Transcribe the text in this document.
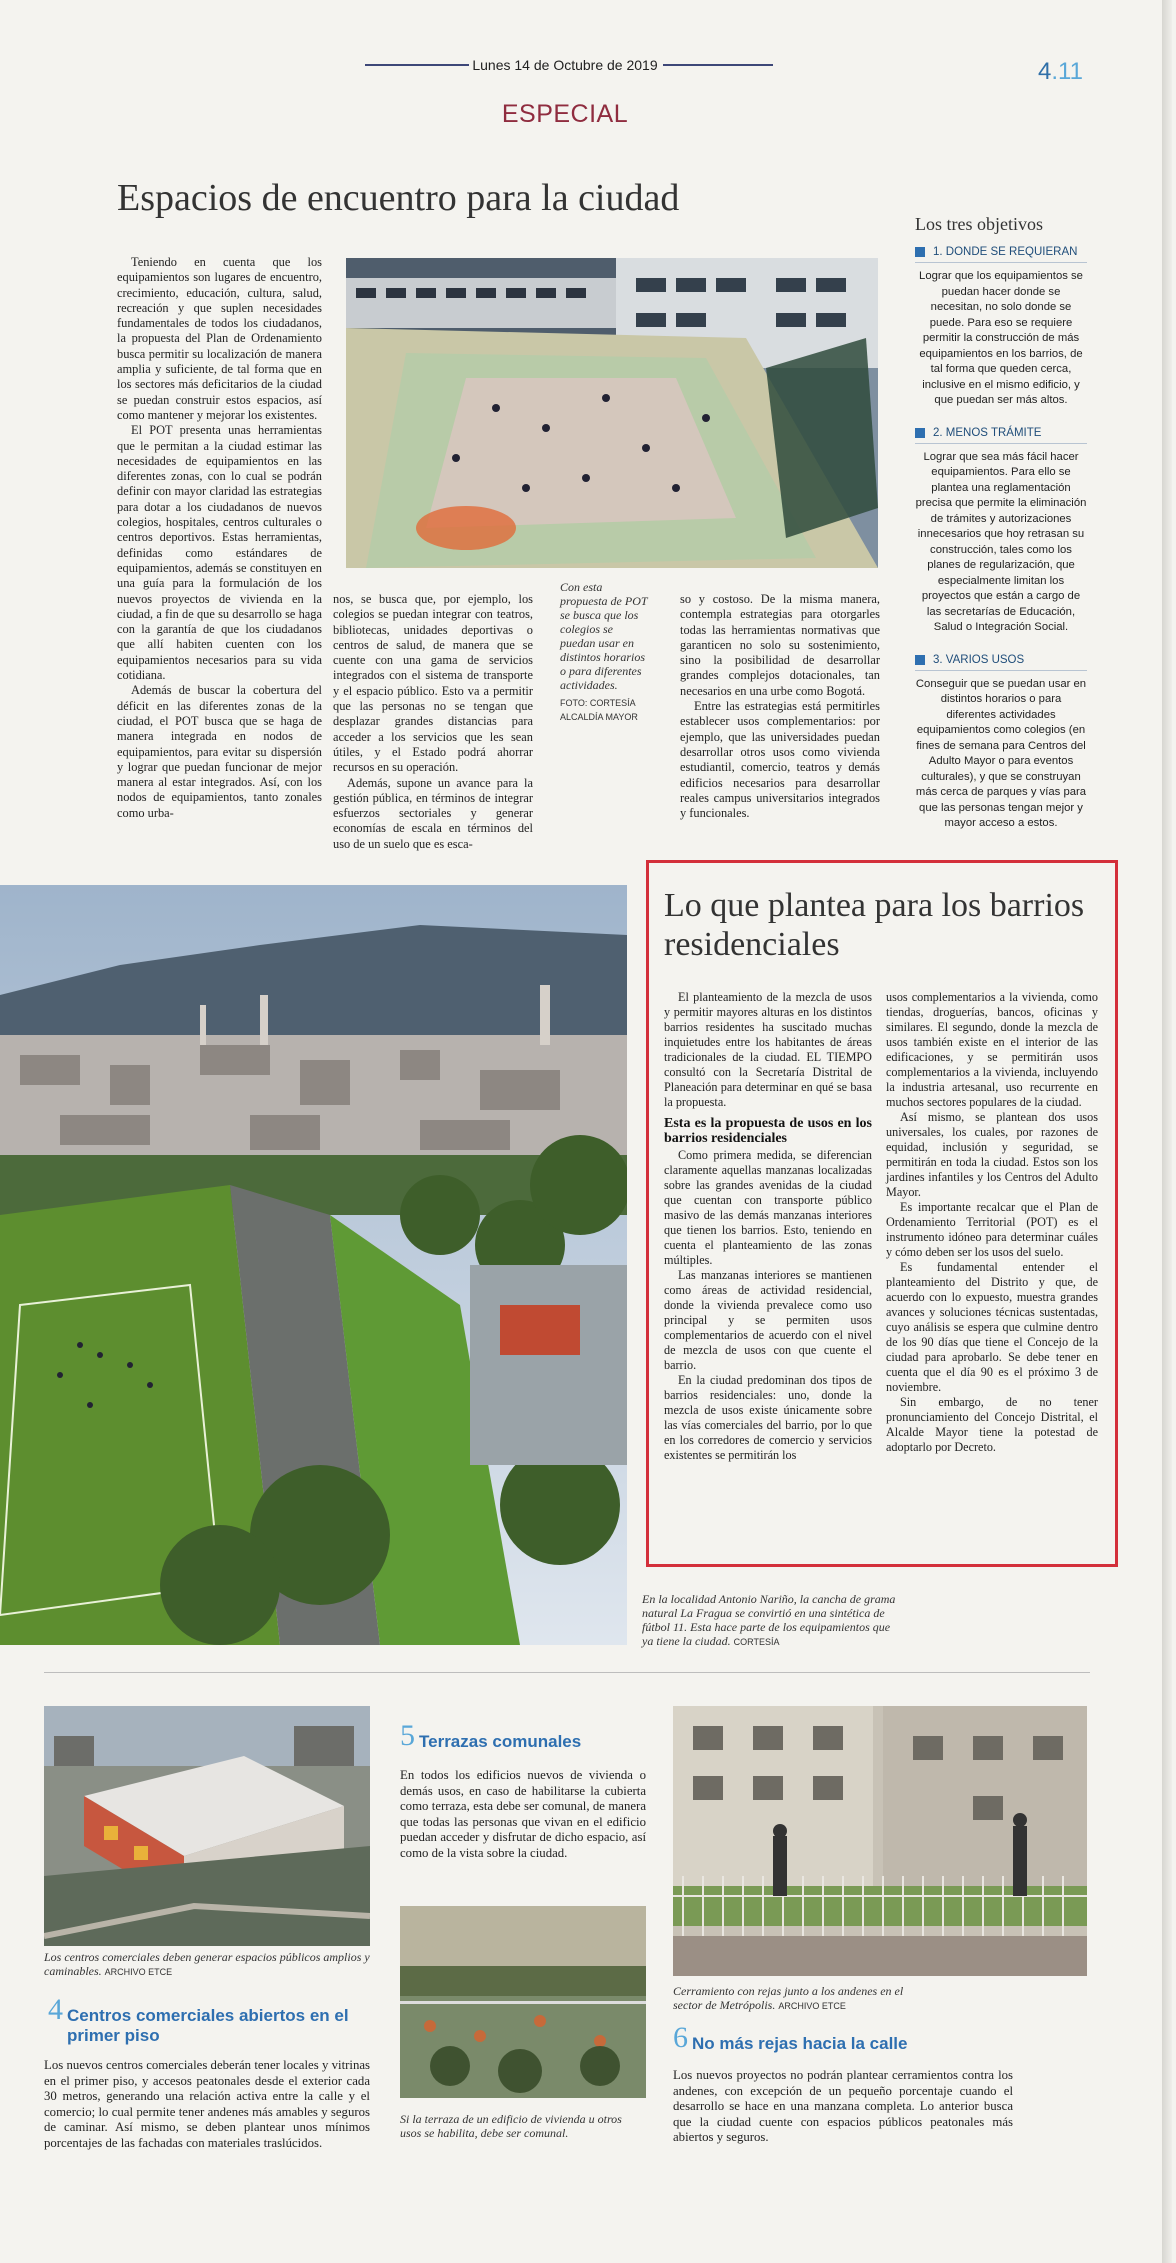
Lunes 14 de Octubre de 2019	4.11
ESPECIAL
Espacios de encuentro para la ciudad

Teniendo en cuenta que los equipamientos son lugares de encuentro, crecimiento, educación, cultura, salud, recreación y que suplen necesidades fundamentales de todos los ciudadanos, la propuesta del Plan de Ordenamiento busca permitir su localización de manera amplia y suficiente, de tal forma que en los sectores más deficitarios de la ciudad se puedan construir estos espacios, así como mantener y mejorar los existentes.

El POT presenta unas herramientas que le permitan a la ciudad estimar las necesidades de equipamientos en las diferentes zonas, con lo cual se podrán definir con mayor claridad las estrategias para dotar a los ciudadanos de nuevos colegios, hospitales, centros culturales o centros deportivos. Estas herramientas, definidas como estándares de equipamientos, además se constituyen en una guía para la formulación de los nuevos proyectos de vivienda en la ciudad, a fin de que su desarrollo se haga con la garantía de que los ciudadanos que allí habiten cuenten con los equipamientos necesarios para su vida cotidiana.

Además de buscar la cobertura del déficit en las diferentes zonas de la ciudad, el POT busca que se haga de manera integrada en nodos de equipamientos, para evitar su dispersión y lograr que puedan funcionar de mejor manera al estar integrados. Así, con los nodos de equipamientos, tanto zonales como urba-

nos, se busca que, por ejemplo, los colegios se puedan integrar con teatros, bibliotecas, unidades deportivas o centros de salud, de manera que se cuente con una gama de servicios integrados con el sistema de transporte y el espacio público. Esto va a permitir que las personas no se tengan que desplazar grandes distancias para acceder a los servicios que les sean útiles, y el Estado podrá ahorrar recursos en su operación.

Además, supone un avance para la gestión pública, en términos de integrar esfuerzos sectoriales y generar economías de escala en términos del uso de un suelo que es esca-

Con esta propuesta de POT se busca que los colegios se puedan usar en distintos horarios o para diferentes actividades.
FOTO: CORTESÍA ALCALDÍA MAYOR

so y costoso. De la misma manera, contempla estrategias para otorgarles todas las herramientas normativas que garanticen no solo su sostenimiento, sino la posibilidad de desarrollar grandes complejos dotacionales, tan necesarios en una urbe como Bogotá.

Entre las estrategias está permitirles establecer usos complementarios: por ejemplo, que las universidades puedan desarrollar otros usos como vivienda estudiantil, comercio, teatros y demás edificios necesarios para desarrollar reales campus universitarios integrados y funcionales.

Los tres objetivos
1. DONDE SE REQUIERAN
Lograr que los equipamientos se puedan hacer donde se necesitan, no solo donde se puede. Para eso se requiere permitir la construcción de más equipamientos en los barrios, de tal forma que queden cerca, inclusive en el mismo edificio, y que puedan ser más altos.
2. MENOS TRÁMITE
Lograr que sea más fácil hacer equipamientos. Para ello se plantea una reglamentación precisa que permite la eliminación de trámites y autorizaciones innecesarios que hoy retrasan su construcción, tales como los planes de regularización, que especialmente limitan los proyectos que están a cargo de las secretarías de Educación, Salud o Integración Social.
3. VARIOS USOS
Conseguir que se puedan usar en distintos horarios o para diferentes actividades equipamientos como colegios (en fines de semana para Centros del Adulto Mayor o para eventos culturales), y que se construyan más cerca de parques y vías para que las personas tengan mejor y mayor acceso a estos.
Lo que plantea para los barrios residenciales

El planteamiento de la mezcla de usos y permitir mayores alturas en los distintos barrios residentes ha suscitado muchas inquietudes entre los habitantes de áreas tradicionales de la ciudad. EL TIEMPO consultó con la Secretaría Distrital de Planeación para determinar en qué se basa la propuesta.

Esta es la propuesta de usos en los barrios residenciales

Como primera medida, se diferencian claramente aquellas manzanas localizadas sobre las grandes avenidas de la ciudad que cuentan con transporte público masivo de las demás manzanas interiores que tienen los barrios. Esto, teniendo en cuenta el planteamiento de las zonas múltiples.

Las manzanas interiores se mantienen como áreas de actividad residencial, donde la vivienda prevalece como uso principal y se permiten usos complementarios de acuerdo con el nivel de mezcla de usos con que cuente el barrio.

En la ciudad predominan dos tipos de barrios residenciales: uno, donde la mezcla de usos existe únicamente sobre las vías comerciales del barrio, por lo que en los corredores de comercio y servicios existentes se permitirán los

usos complementarios a la vivienda, como tiendas, droguerías, bancos, oficinas y similares. El segundo, donde la mezcla de usos también existe en el interior de las edificaciones, y se permitirán usos complementarios a la vivienda, incluyendo la industria artesanal, uso recurrente en muchos sectores populares de la ciudad.

Así mismo, se plantean dos usos universales, los cuales, por razones de equidad, inclusión y seguridad, se permitirán en toda la ciudad. Estos son los jardines infantiles y los Centros del Adulto Mayor.

Es importante recalcar que el Plan de Ordenamiento Territorial (POT) es el instrumento idóneo para determinar cuáles y cómo deben ser los usos del suelo.

Es fundamental entender el planteamiento del Distrito y que, de acuerdo con lo expuesto, muestra grandes avances y soluciones técnicas sustentadas, cuyo análisis se espera que culmine dentro de los 90 días que tiene el Concejo de la ciudad para aprobarlo. Se debe tener en cuenta que el día 90 es el próximo 3 de noviembre.

Sin embargo, de no tener pronunciamiento del Concejo Distrital, el Alcalde Mayor tiene la potestad de adoptarlo por Decreto.

En la localidad Antonio Nariño, la cancha de grama natural La Fragua se convirtió en una sintética de fútbol 11. Esta hace parte de los equipamientos que ya tiene la ciudad. CORTESÍA
Los centros comerciales deben generar espacios públicos amplios y caminables. ARCHIVO ETCE
4 Centros comerciales abiertos en el primer piso

Los nuevos centros comerciales deberán tener locales y vitrinas en el primer piso, y accesos peatonales desde el exterior cada 30 metros, generando una relación activa entre la calle y el comercio; lo cual permite tener andenes más amables y seguros de caminar. Así mismo, se deben plantear unos mínimos porcentajes de las fachadas con materiales traslúcidos.

5 Terrazas comunales

En todos los edificios nuevos de vivienda o demás usos, en caso de habilitarse la cubierta como terraza, esta debe ser comunal, de manera que todas las personas que vivan en el edificio puedan acceder y disfrutar de dicho espacio, así como de la vista sobre la ciudad.

Si la terraza de un edificio de vivienda u otros usos se habilita, debe ser comunal.
Cerramiento con rejas junto a los andenes en el sector de Metrópolis. ARCHIVO ETCE
6 No más rejas hacia la calle

Los nuevos proyectos no podrán plantear cerramientos contra los andenes, con excepción de un pequeño porcentaje cuando el desarrollo se hace en una manzana completa. Lo anterior busca que la ciudad cuente con espacios públicos peatonales más abiertos y seguros.
